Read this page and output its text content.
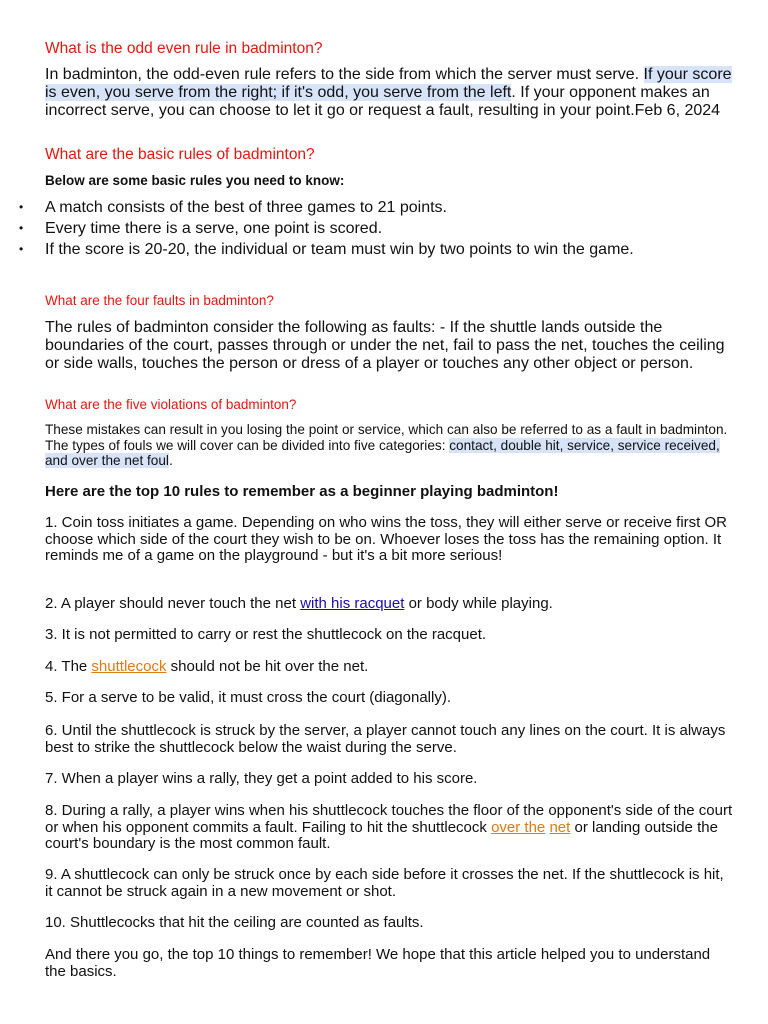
What is the odd even rule in badminton?

In badminton, the odd-even rule refers to the side from which the server must serve. If your score is even, you serve from the right; if it's odd, you serve from the left. If your opponent makes an incorrect serve, you can choose to let it go or request a fault, resulting in your point.Feb 6, 2024

What are the basic rules of badminton?

Below are some basic rules you need to know:

• A match consists of the best of three games to 21 points.
• Every time there is a serve, one point is scored.
• If the score is 20-20, the individual or team must win by two points to win the game.
What are the four faults in badminton?

The rules of badminton consider the following as faults: - If the shuttle lands outside the boundaries of the court, passes through or under the net, fail to pass the net, touches the ceiling or side walls, touches the person or dress of a player or touches any other object or person.

What are the five violations of badminton?

These mistakes can result in you losing the point or service, which can also be referred to as a fault in badminton. The types of fouls we will cover can be divided into five categories: contact, double hit, service, service received, and over the net foul.

Here are the top 10 rules to remember as a beginner playing badminton!

1. Coin toss initiates a game. Depending on who wins the toss, they will either serve or receive first OR choose which side of the court they wish to be on. Whoever loses the toss has the remaining option. It reminds me of a game on the playground - but it's a bit more serious!

2. A player should never touch the net with his racquet or body while playing.

3. It is not permitted to carry or rest the shuttlecock on the racquet.

4. The shuttlecock should not be hit over the net.

5. For a serve to be valid, it must cross the court (diagonally).

6. Until the shuttlecock is struck by the server, a player cannot touch any lines on the court. It is always best to strike the shuttlecock below the waist during the serve.

7. When a player wins a rally, they get a point added to his score.

8. During a rally, a player wins when his shuttlecock touches the floor of the opponent's side of the court or when his opponent commits a fault. Failing to hit the shuttlecock over the net or landing outside the court's boundary is the most common fault.

9. A shuttlecock can only be struck once by each side before it crosses the net. If the shuttlecock is hit, it cannot be struck again in a new movement or shot.

10. Shuttlecocks that hit the ceiling are counted as faults.

And there you go, the top 10 things to remember! We hope that this article helped you to understand the basics.
